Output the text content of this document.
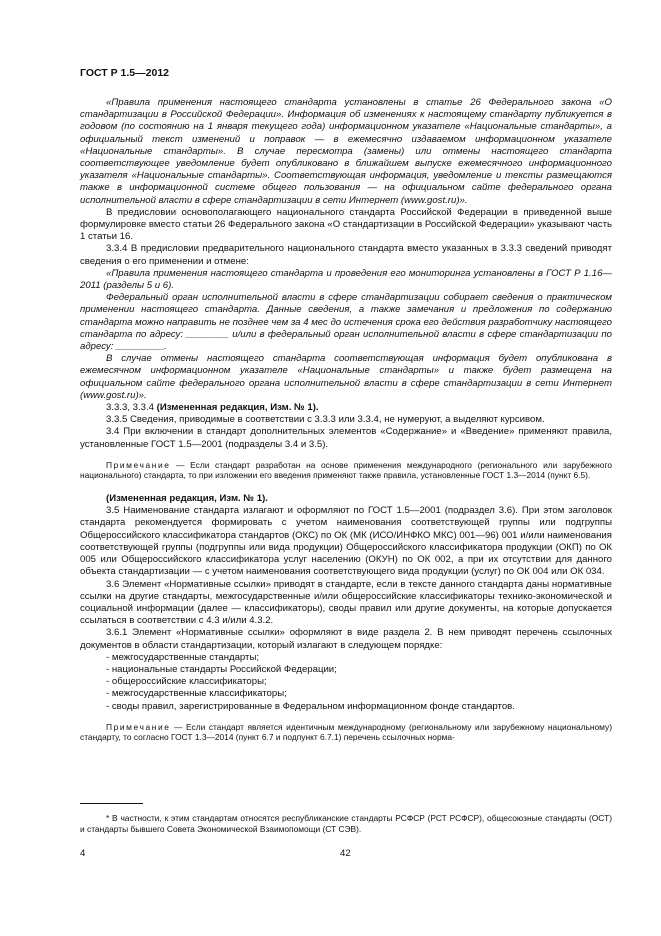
ГОСТ Р 1.5—2012

«Правила применения настоящего стандарта установлены в статье 26 Федерального закона «О стандартизации в Российской Федерации». Информация об изменениях к настоящему стандарту публикуется в годовом (по состоянию на 1 января текущего года) информационном указателе «Национальные стандарты», а официальный текст изменений и поправок — в ежемесячно издаваемом информационном указателе «Национальные стандарты». В случае пересмотра (замены) или отмены настоящего стандарта соответствующее уведомление будет опубликовано в ближайшем выпуске ежемесячного информационного указателя «Национальные стандарты». Соответствующая информация, уведомление и тексты размещаются также в информационной системе общего пользования — на официальном сайте федерального органа исполнительной власти в сфере стандартизации в сети Интернет (www.gost.ru)».

В предисловии основополагающего национального стандарта Российской Федерации в приведенной выше формулировке вместо статьи 26 Федерального закона «О стандартизации в Российской Федерации» указывают часть 1 статьи 16.

3.3.4 В предисловии предварительного национального стандарта вместо указанных в 3.3.3 сведений приводят сведения о его применении и отмене:

«Правила применения настоящего стандарта и проведения его мониторинга установлены в ГОСТ Р 1.16—2011 (разделы 5 и 6).

Федеральный орган исполнительной власти в сфере стандартизации собирает сведения о практическом применении настоящего стандарта. Данные сведения, а также замечания и предложения по содержанию стандарта можно направить не позднее чем за 4 мес до истечения срока его действия разработчику настоящего стандарта по адресу: ________ и/или в федеральный орган исполнительной власти в сфере стандартизации по адресу: _________.

В случае отмены настоящего стандарта соответствующая информация будет опубликована в ежемесячном информационном указателе «Национальные стандарты» и также будет размещена на официальном сайте федерального органа исполнительной власти в сфере стандартизации в сети Интернет (www.gost.ru)».

3.3.3, 3.3.4 (Измененная редакция, Изм. № 1).

3.3.5 Сведения, приводимые в соответствии с 3.3.3 или 3.3.4, не нумеруют, а выделяют курсивом.

3.4 При включении в стандарт дополнительных элементов «Содержание» и «Введение» применяют правила, установленные ГОСТ 1.5—2001 (подразделы 3.4 и 3.5).

Примечание — Если стандарт разработан на основе применения международного (регионального или зарубежного национального) стандарта, то при изложении его введения применяют также правила, установленные ГОСТ 1.3—2014 (пункт 6.5).

(Измененная редакция, Изм. № 1).

3.5 Наименование стандарта излагают и оформляют по ГОСТ 1.5—2001 (подраздел 3.6). При этом заголовок стандарта рекомендуется формировать с учетом наименования соответствующей группы или подгруппы Общероссийского классификатора стандартов (ОКС) по ОК (МК (ИСО/ИНФКО МКС) 001—96) 001 и/или наименования соответствующей группы (подгруппы или вида продукции) Общероссийского классификатора продукции (ОКП) по ОК 005 или Общероссийского классификатора услуг населению (ОКУН) по ОК 002, а при их отсутствии для данного объекта стандартизации — с учетом наименования соответствующего вида продукции (услуг) по ОК 004 или ОК 034.

3.6 Элемент «Нормативные ссылки» приводят в стандарте, если в тексте данного стандарта даны нормативные ссылки на другие стандарты, межгосударственные и/или общероссийские классификаторы технико-экономической и социальной информации (далее — классификаторы), своды правил или другие документы, на которые допускается ссылаться в соответствии с 4.3 и/или 4.3.2.

3.6.1 Элемент «Нормативные ссылки» оформляют в виде раздела 2. В нем приводят перечень ссылочных документов в области стандартизации, который излагают в следующем порядке:

- межгосударственные стандарты;

- национальные стандарты Российской Федерации;

- общероссийские классификаторы;

- межгосударственные классификаторы;

- своды правил, зарегистрированные в Федеральном информационном фонде стандартов.

Примечание — Если стандарт является идентичным международному (региональному или зарубежному национальному) стандарту, то согласно ГОСТ 1.3—2014 (пункт 6.7 и подпункт 6.7.1) перечень ссылочных норма-

* В частности, к этим стандартам относятся республиканские стандарты РСФСР (РСТ РСФСР), общесоюзные стандарты (ОСТ) и стандарты бывшего Совета Экономической Взаимопомощи (СТ СЭВ).
4	42
